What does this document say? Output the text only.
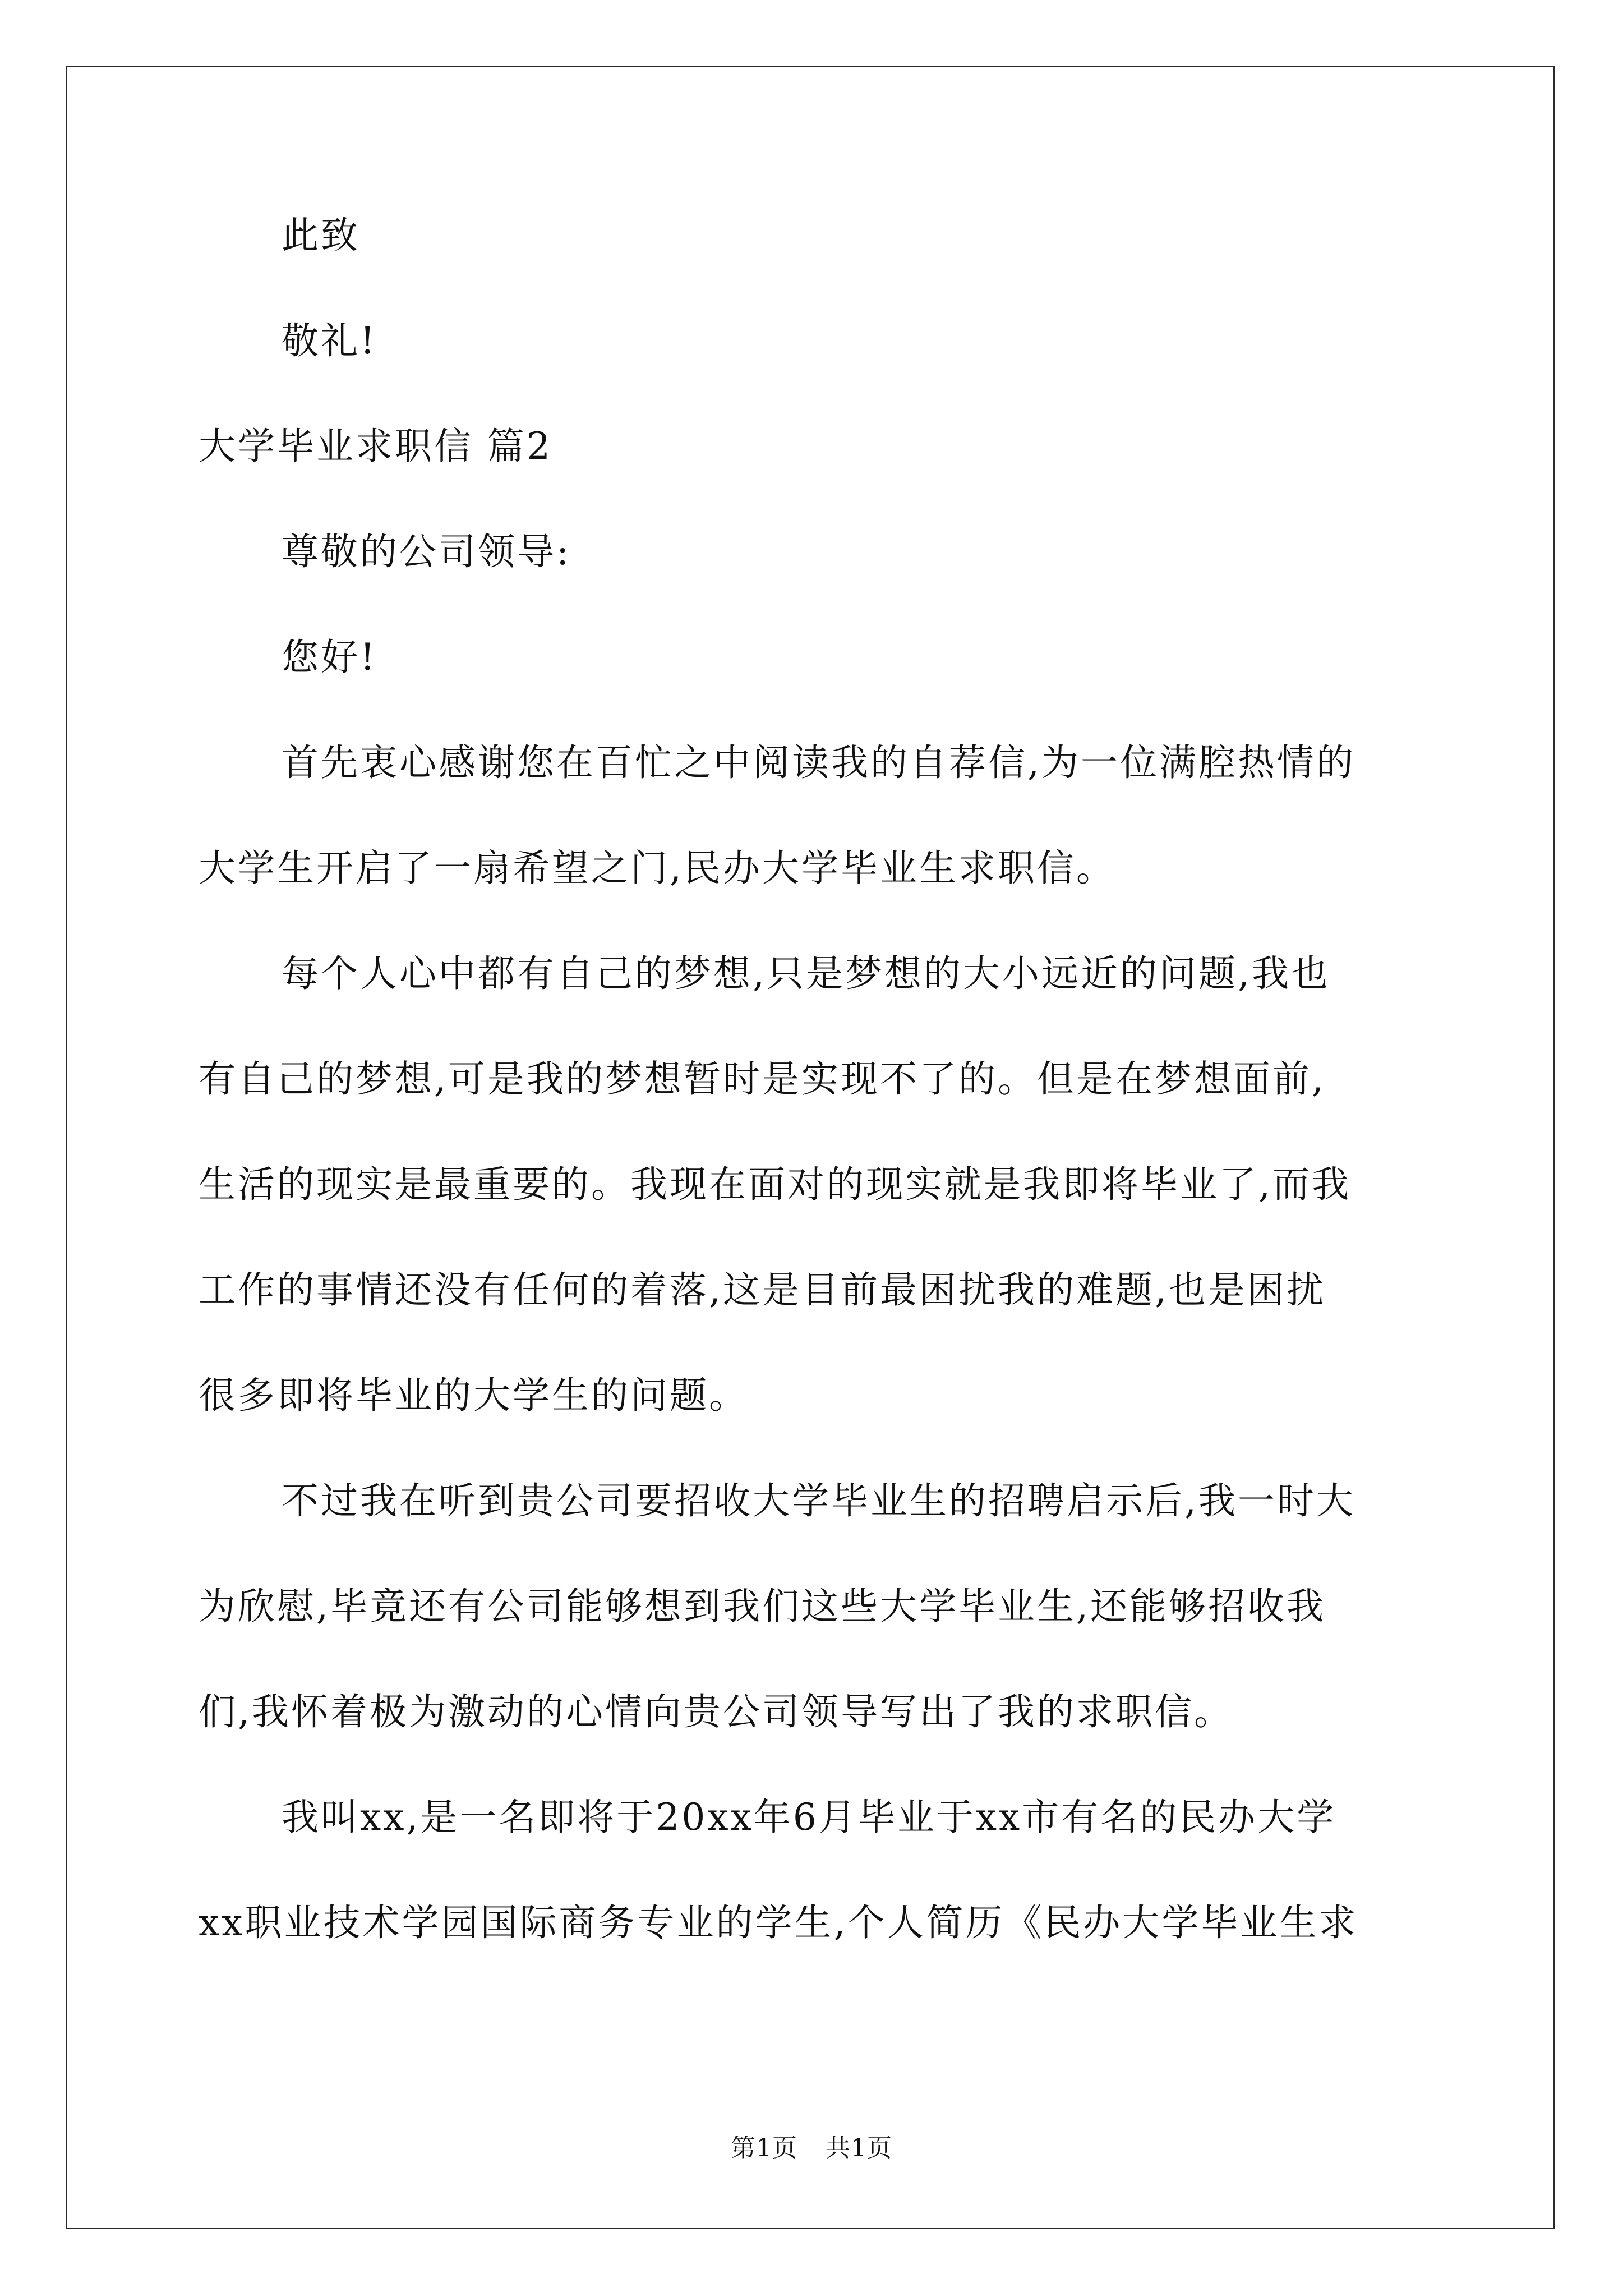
此致
敬礼!
大学毕业求职信 篇2
尊敬的公司领导:
您好!
首先衷心感谢您在百忙之中阅读我的自荐信,为一位满腔热情的
大学生开启了一扇希望之门,民办大学毕业生求职信。
每个人心中都有自己的梦想,只是梦想的大小远近的问题,我也
有自己的梦想,可是我的梦想暂时是实现不了的。但是在梦想面前,
生活的现实是最重要的。我现在面对的现实就是我即将毕业了,而我
工作的事情还没有任何的着落,这是目前最困扰我的难题,也是困扰
很多即将毕业的大学生的问题。
不过我在听到贵公司要招收大学毕业生的招聘启示后,我一时大
为欣慰,毕竟还有公司能够想到我们这些大学毕业生,还能够招收我
们,我怀着极为激动的心情向贵公司领导写出了我的求职信。
我叫xx,是一名即将于20xx年6月毕业于xx市有名的民办大学
xx职业技术学园国际商务专业的学生,个人简历《民办大学毕业生求
第1页 共1页
